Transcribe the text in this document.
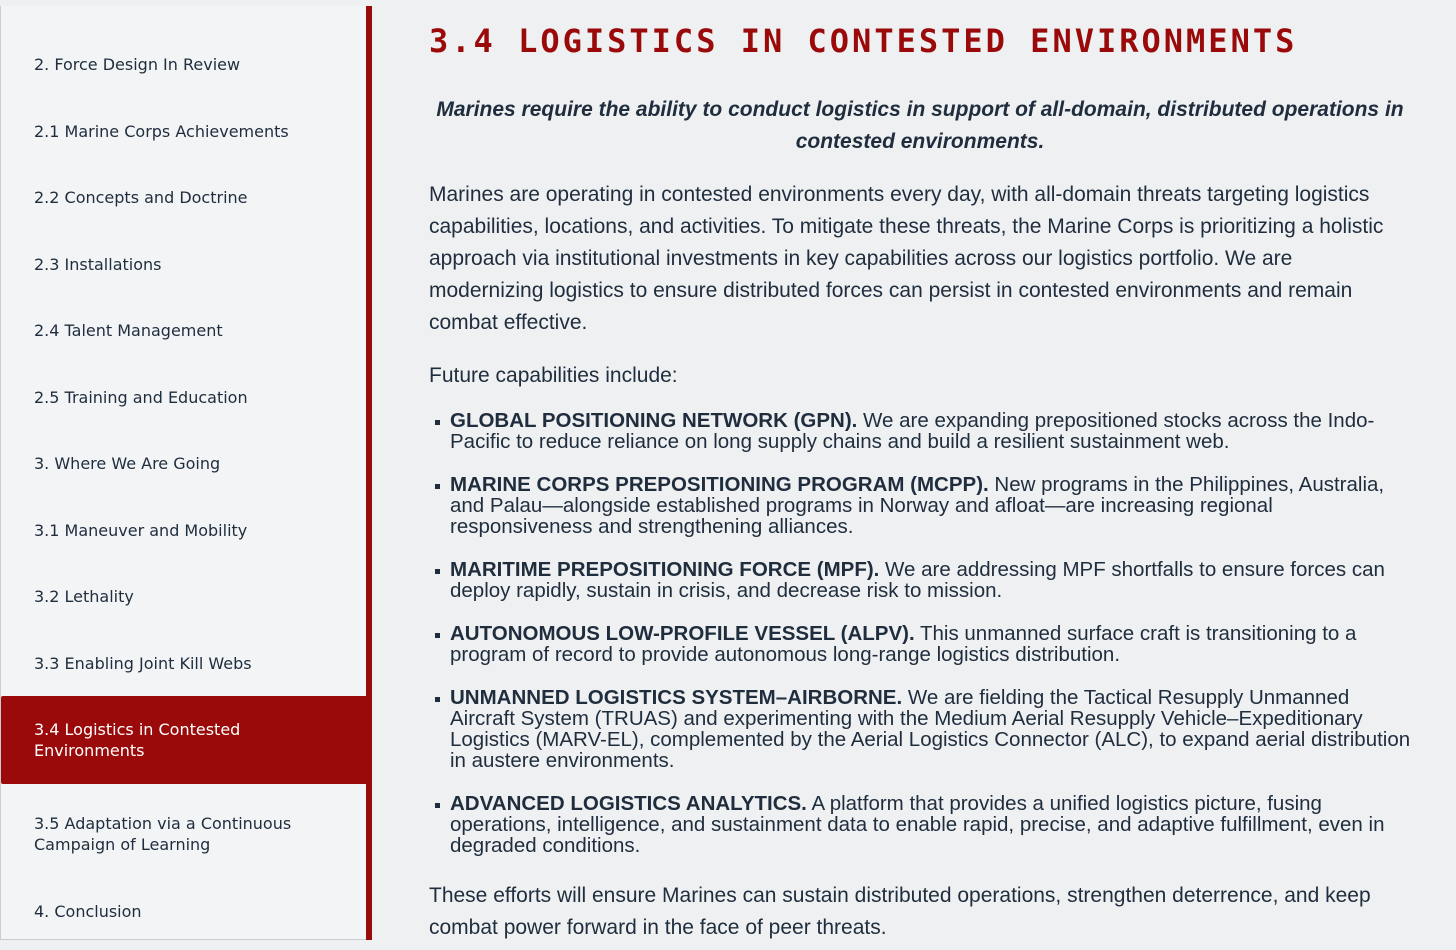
2. Force Design In Review
2.1 Marine Corps Achievements
2.2 Concepts and Doctrine
2.3 Installations
2.4 Talent Management
2.5 Training and Education
3. Where We Are Going
3.1 Maneuver and Mobility
3.2 Lethality
3.3 Enabling Joint Kill Webs
3.4 Logistics in Contested Environments
3.5 Adaptation via a Continuous Campaign of Learning
4. Conclusion
3.4 LOGISTICS IN CONTESTED ENVIRONMENTS

Marines require the ability to conduct logistics in support of all-domain, distributed operations in contested environments.

Marines are operating in contested environments every day, with all-domain threats targeting logistics capabilities, locations, and activities. To mitigate these threats, the Marine Corps is prioritizing a holistic approach via institutional investments in key capabilities across our logistics portfolio. We are modernizing logistics to ensure distributed forces can persist in contested environments and remain combat effective.

Future capabilities include:

GLOBAL POSITIONING NETWORK (GPN). We are expanding prepositioned stocks across the Indo- Pacific to reduce reliance on long supply chains and build a resilient sustainment web.
MARINE CORPS PREPOSITIONING PROGRAM (MCPP). New programs in the Philippines, Australia, and Palau—alongside established programs in Norway and afloat—are increasing regional responsiveness and strengthening alliances.
MARITIME PREPOSITIONING FORCE (MPF). We are addressing MPF shortfalls to ensure forces can deploy rapidly, sustain in crisis, and decrease risk to mission.
AUTONOMOUS LOW-PROFILE VESSEL (ALPV). This unmanned surface craft is transitioning to a program of record to provide autonomous long-range logistics distribution.
UNMANNED LOGISTICS SYSTEM–AIRBORNE. We are fielding the Tactical Resupply Unmanned Aircraft System (TRUAS) and experimenting with the Medium Aerial Resupply Vehicle–Expeditionary Logistics (MARV-EL), complemented by the Aerial Logistics Connector (ALC), to expand aerial distribution in austere environments.
ADVANCED LOGISTICS ANALYTICS. A platform that provides a unified logistics picture, fusing operations, intelligence, and sustainment data to enable rapid, precise, and adaptive fulfillment, even in degraded conditions.

These efforts will ensure Marines can sustain distributed operations, strengthen deterrence, and keep combat power forward in the face of peer threats.
